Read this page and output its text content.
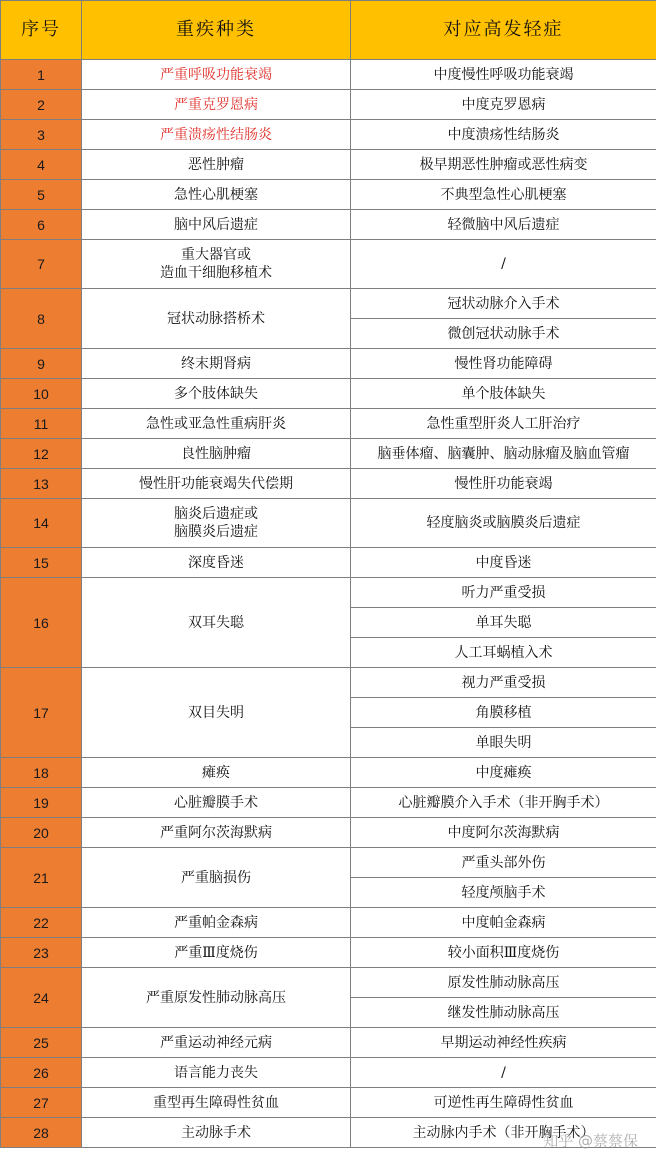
序号	重疾种类	对应高发轻症
1	严重呼吸功能衰竭	中度慢性呼吸功能衰竭
2	严重克罗恩病	中度克罗恩病
3	严重溃疡性结肠炎	中度溃疡性结肠炎
4	恶性肿瘤	极早期恶性肿瘤或恶性病变
5	急性心肌梗塞	不典型急性心肌梗塞
6	脑中风后遗症	轻微脑中风后遗症
7	重大器官或
造血干细胞移植术	/
8	冠状动脉搭桥术	冠状动脉介入手术
		微创冠状动脉手术
9	终末期肾病	慢性肾功能障碍
10	多个肢体缺失	单个肢体缺失
11	急性或亚急性重病肝炎	急性重型肝炎人工肝治疗
12	良性脑肿瘤	脑垂体瘤、脑囊肿、脑动脉瘤及脑血管瘤
13	慢性肝功能衰竭失代偿期	慢性肝功能衰竭
14	脑炎后遗症或
脑膜炎后遗症	轻度脑炎或脑膜炎后遗症
15	深度昏迷	中度昏迷
16	双耳失聪	听力严重受损
		单耳失聪
		人工耳蜗植入术
17	双目失明	视力严重受损
		角膜移植
		单眼失明
18	瘫痪	中度瘫痪
19	心脏瓣膜手术	心脏瓣膜介入手术（非开胸手术）
20	严重阿尔茨海默病	中度阿尔茨海默病
21	严重脑损伤	严重头部外伤
		轻度颅脑手术
22	严重帕金森病	中度帕金森病
23	严重Ⅲ度烧伤	较小面积Ⅲ度烧伤
24	严重原发性肺动脉高压	原发性肺动脉高压
		继发性肺动脉高压
25	严重运动神经元病	早期运动神经性疾病
26	语言能力丧失	/
27	重型再生障碍性贫血	可逆性再生障碍性贫血
28	主动脉手术	主动脉内手术（非开胸手术）
知乎 @蔡蔡保
